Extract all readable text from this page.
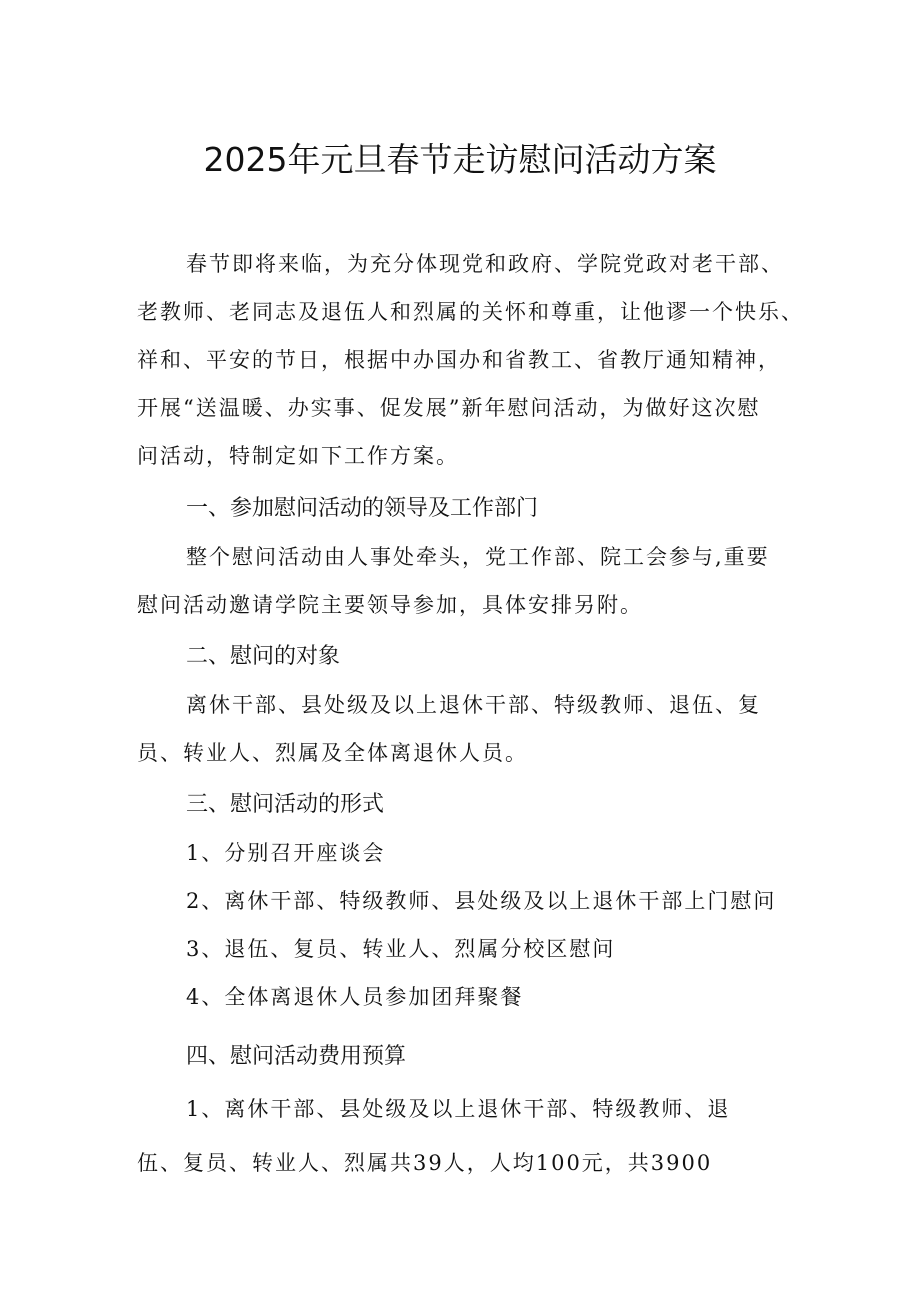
2025年元旦春节走访慰问活动方案

春节即将来临，为充分体现党和政府、学院党政对老干部、

老教师、老同志及退伍人和烈属的关怀和尊重，让他谬一个快乐、

祥和、平安的节日，根据中办国办和省教工、省教厅通知精神，

开展“送温暖、办实事、促发展”新年慰问活动，为做好这次慰

问活动，特制定如下工作方案。

一、参加慰问活动的领导及工作部门

整个慰问活动由人事处牵头，党工作部、院工会参与,重要

慰问活动邀请学院主要领导参加，具体安排另附。

二、慰问的对象

离休干部、县处级及以上退休干部、特级教师、退伍、复

员、转业人、烈属及全体离退休人员。

三、慰问活动的形式

1、分别召开座谈会

2、离休干部、特级教师、县处级及以上退休干部上门慰问

3、退伍、复员、转业人、烈属分校区慰问

4、全体离退休人员参加团拜聚餐

四、慰问活动费用预算

1、离休干部、县处级及以上退休干部、特级教师、退

伍、复员、转业人、烈属共39人，人均100元，共3900
